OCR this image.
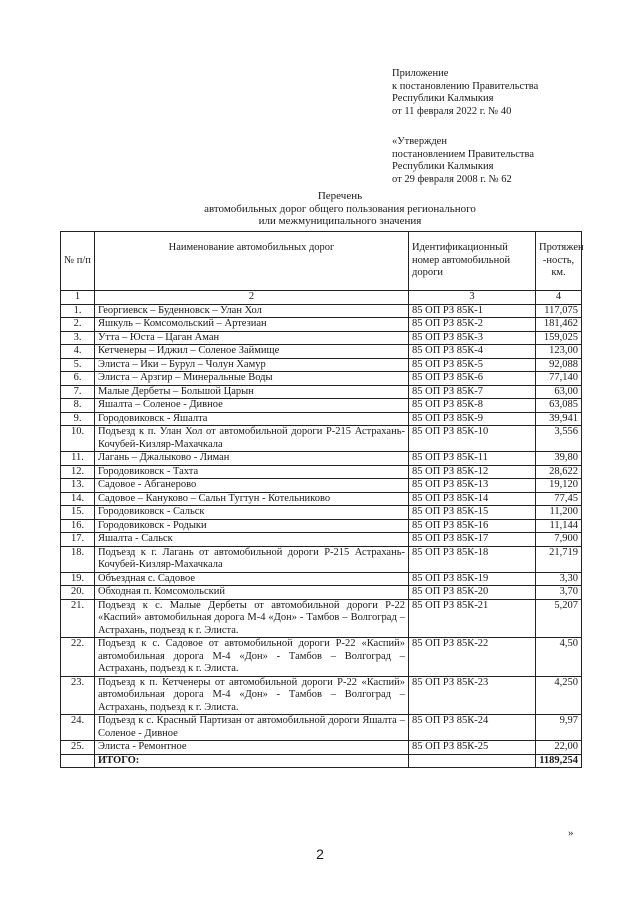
Приложение
к постановлению Правительства
Республики Калмыкия
от 11 февраля 2022 г. № 40
«Утвержден
постановлением Правительства
Республики Калмыкия
от 29 февраля 2008 г. № 62
Перечень
автомобильных дорог общего пользования регионального
или межмуниципального значения
№ п/п	Наименование автомобильных дорог	Идентификационный номер автомобильной дороги	Протяжен -ность, км.
1	2	3	4
1.	Георгиевск – Буденновск – Улан Хол	85 ОП РЗ 85К-1	117,075
2.	Яшкуль – Комсомольский – Артезиан	85 ОП РЗ 85К-2	181,462
3.	Утта – Юста – Цаган Аман	85 ОП РЗ 85К-3	159,025
4.	Кетченеры – Иджил – Соленое Займище	85 ОП РЗ 85К-4	123,00
5.	Элиста – Ики – Бурул – Чолун Хамур	85 ОП РЗ 85К-5	92,088
6.	Элиста – Арзгир – Минеральные Воды	85 ОП РЗ 85К-6	77,140
7.	Малые Дербеты – Большой Царын	85 ОП РЗ 85К-7	63,00
8.	Яшалта – Соленое - Дивное	85 ОП РЗ 85К-8	63,085
9.	Городовиковск - Яшалта	85 ОП РЗ 85К-9	39,941
10.	Подъезд к п. Улан Хол от автомобильной дороги Р-215 Астрахань-Кочубей-Кизляр-Махачкала	85 ОП РЗ 85К-10	3,556
11.	Лагань – Джалыково - Лиман	85 ОП РЗ 85К-11	39,80
12.	Городовиковск - Тахта	85 ОП РЗ 85К-12	28,622
13.	Садовое - Абганерово	85 ОП РЗ 85К-13	19,120
14.	Садовое – Кануково – Сальн Тугтун - Котельниково	85 ОП РЗ 85К-14	77,45
15.	Городовиковск - Сальск	85 ОП РЗ 85К-15	11,200
16.	Городовиковск - Родыки	85 ОП РЗ 85К-16	11,144
17.	Яшалта - Сальск	85 ОП РЗ 85К-17	7,900
18.	Подъезд к г. Лагань от автомобильной дороги Р-215 Астрахань-Кочубей-Кизляр-Махачкала	85 ОП РЗ 85К-18	21,719
19.	Объездная с. Садовое	85 ОП РЗ 85К-19	3,30
20.	Обходная п. Комсомольский	85 ОП РЗ 85К-20	3,70
21.	Подъезд к с. Малые Дербеты от автомобильной дороги Р-22 «Каспий» автомобильная дорога М-4 «Дон» - Тамбов – Волгоград – Астрахань, подъезд к г. Элиста.	85 ОП РЗ 85К-21	5,207
22.	Подъезд к с. Садовое от автомобильной дороги Р-22 «Каспий» автомобильная дорога М-4 «Дон» - Тамбов – Волгоград – Астрахань, подъезд к г. Элиста.	85 ОП РЗ 85К-22	4,50
23.	Подъезд к п. Кетченеры от автомобильной дороги Р-22 «Каспий» автомобильная дорога М-4 «Дон» - Тамбов – Волгоград – Астрахань, подъезд к г. Элиста.	85 ОП РЗ 85К-23	4,250
24.	Подъезд к с. Красный Партизан от автомобильной дороги Яшалта – Соленое - Дивное	85 ОП РЗ 85К-24	9,97
25.	Элиста - Ремонтное	85 ОП РЗ 85К-25	22,00
	ИТОГО:		1189,254
»
2
